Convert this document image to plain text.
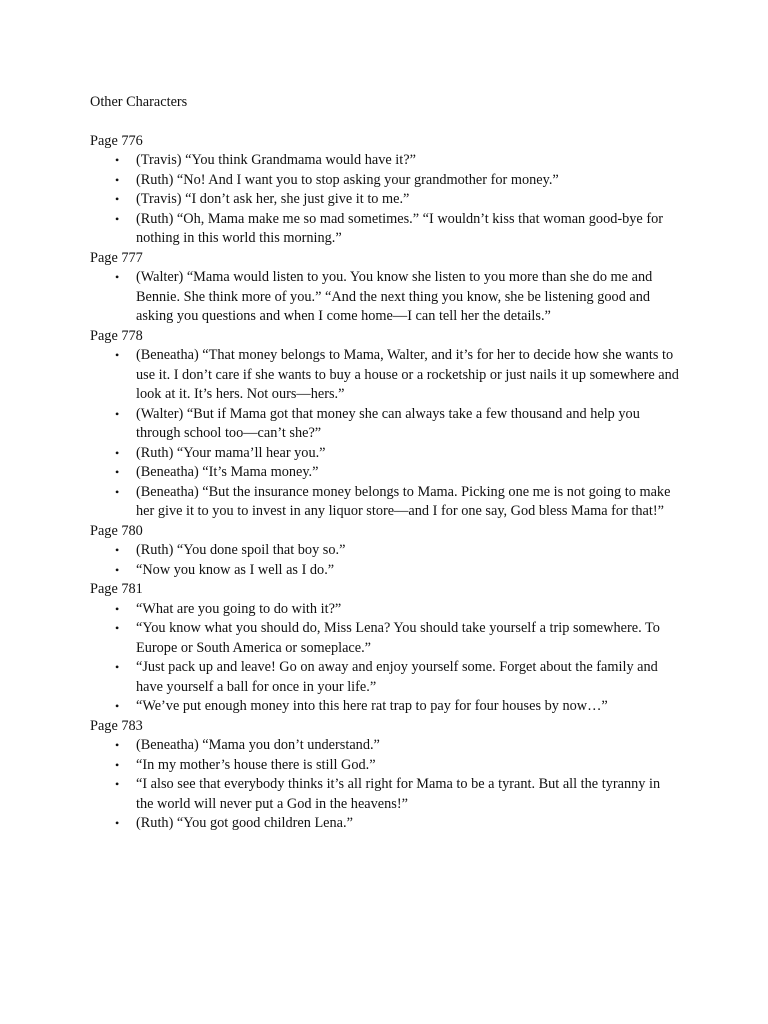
Other Characters
Page 776
• (Travis) “You think Grandmama would have it?”
• (Ruth) “No! And I want you to stop asking your grandmother for money.”
• (Travis) “I don’t ask her, she just give it to me.”
• (Ruth) “Oh, Mama make me so mad sometimes.” “I wouldn’t kiss that woman good-bye for nothing in this world this morning.”
Page 777
• (Walter) “Mama would listen to you. You know she listen to you more than she do me and Bennie. She think more of you.” “And the next thing you know, she be listening good and asking you questions and when I come home—I can tell her the details.”
Page 778
• (Beneatha) “That money belongs to Mama, Walter, and it’s for her to decide how she wants to use it. I don’t care if she wants to buy a house or a rocketship or just nails it up somewhere and look at it. It’s hers. Not ours—hers.”
• (Walter) “But if Mama got that money she can always take a few thousand and help you through school too—can’t she?”
• (Ruth) “Your mama’ll hear you.”
• (Beneatha) “It’s Mama money.”
• (Beneatha) “But the insurance money belongs to Mama. Picking one me is not going to make her give it to you to invest in any liquor store—and I for one say, God bless Mama for that!”
Page 780
• (Ruth) “You done spoil that boy so.”
• “Now you know as I well as I do.”
Page 781
• “What are you going to do with it?”
• “You know what you should do, Miss Lena? You should take yourself a trip somewhere. To Europe or South America or someplace.”
• “Just pack up and leave! Go on away and enjoy yourself some. Forget about the family and have yourself a ball for once in your life.”
• “We’ve put enough money into this here rat trap to pay for four houses by now…”
Page 783
• (Beneatha) “Mama you don’t understand.”
• “In my mother’s house there is still God.”
• “I also see that everybody thinks it’s all right for Mama to be a tyrant. But all the tyranny in the world will never put a God in the heavens!”
• (Ruth) “You got good children Lena.”
